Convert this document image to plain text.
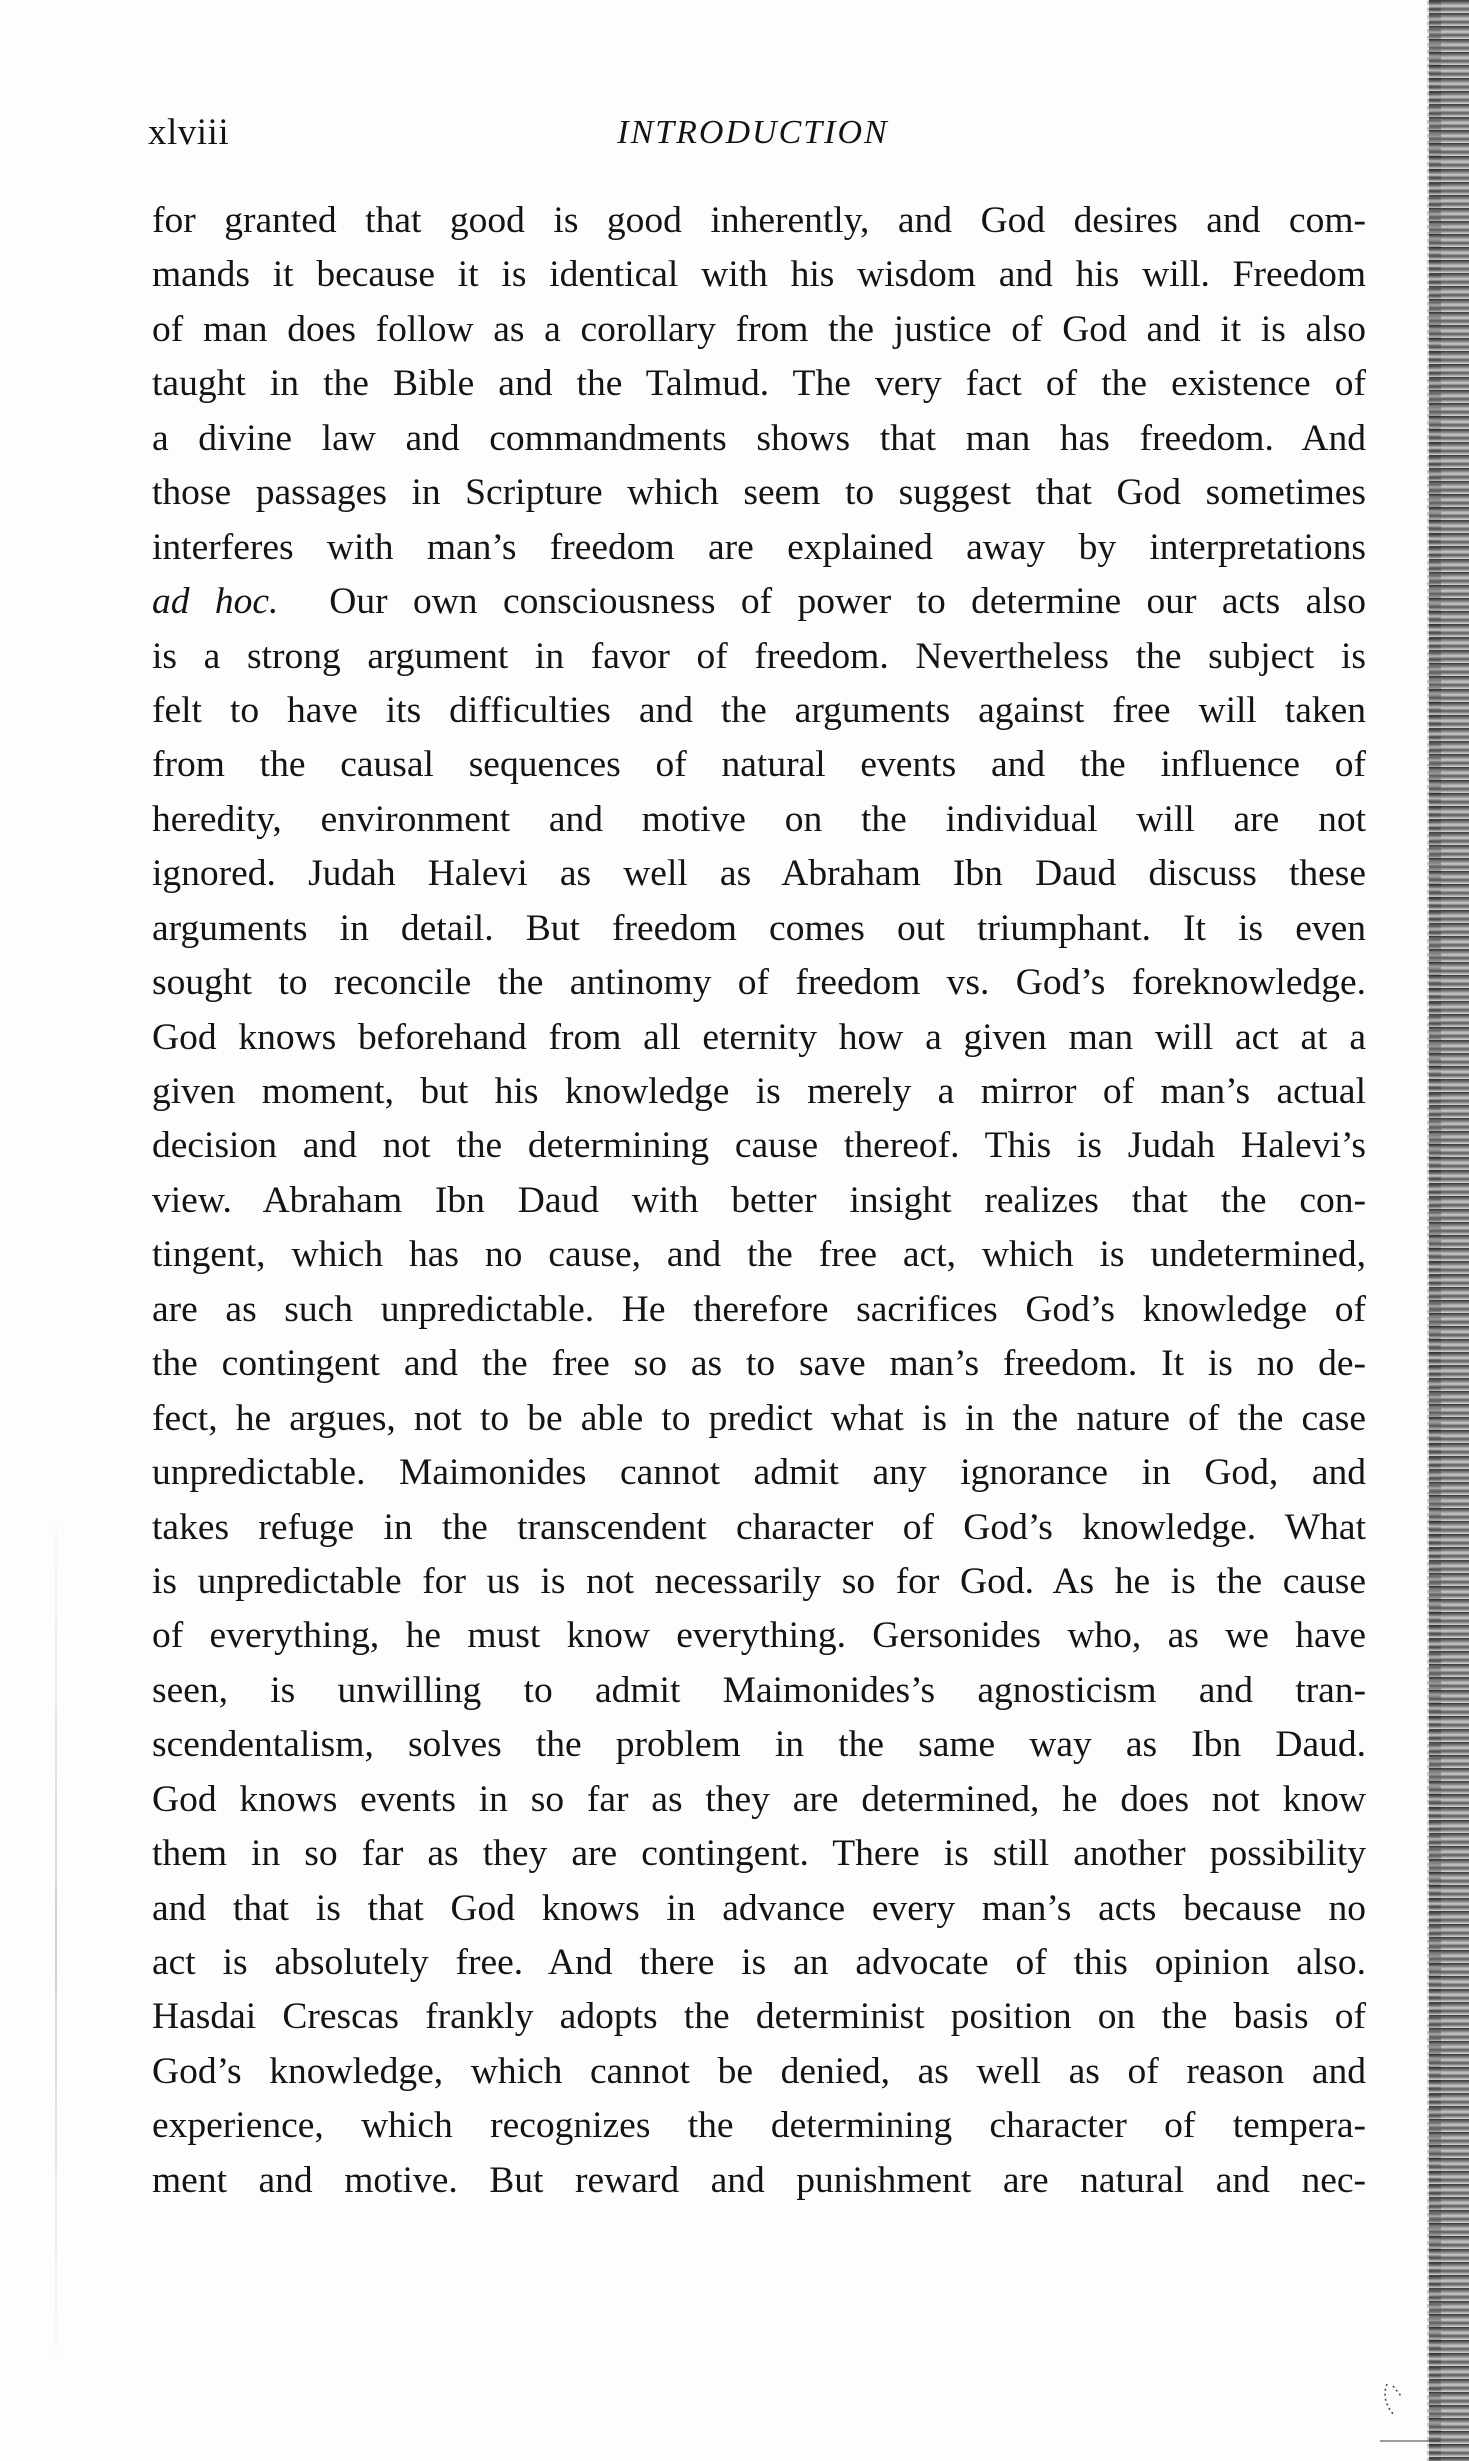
xlviii	INTRODUCTION
for granted that good is good inherently, and God desires and com-
mands it because it is identical with his wisdom and his will. Freedom
of man does follow as a corollary from the justice of God and it is also
taught in the Bible and the Talmud. The very fact of the existence of
a divine law and commandments shows that man has freedom. And
those passages in Scripture which seem to suggest that God sometimes
interferes with man’s freedom are explained away by interpretations
ad hoc. Our own consciousness of power to determine our acts also
is a strong argument in favor of freedom. Nevertheless the subject is
felt to have its difficulties and the arguments against free will taken
from the causal sequences of natural events and the influence of
heredity, environment and motive on the individual will are not
ignored. Judah Halevi as well as Abraham Ibn Daud discuss these
arguments in detail. But freedom comes out triumphant. It is even
sought to reconcile the antinomy of freedom vs. God’s foreknowledge.
God knows beforehand from all eternity how a given man will act at a
given moment, but his knowledge is merely a mirror of man’s actual
decision and not the determining cause thereof. This is Judah Halevi’s
view. Abraham Ibn Daud with better insight realizes that the con-
tingent, which has no cause, and the free act, which is undetermined,
are as such unpredictable. He therefore sacrifices God’s knowledge of
the contingent and the free so as to save man’s freedom. It is no de-
fect, he argues, not to be able to predict what is in the nature of the case
unpredictable. Maimonides cannot admit any ignorance in God, and
takes refuge in the transcendent character of God’s knowledge. What
is unpredictable for us is not necessarily so for God. As he is the cause
of everything, he must know everything. Gersonides who, as we have
seen, is unwilling to admit Maimonides’s agnosticism and tran-
scendentalism, solves the problem in the same way as Ibn Daud.
God knows events in so far as they are determined, he does not know
them in so far as they are contingent. There is still another possibility
and that is that God knows in advance every man’s acts because no
act is absolutely free. And there is an advocate of this opinion also.
Hasdai Crescas frankly adopts the determinist position on the basis of
God’s knowledge, which cannot be denied, as well as of reason and
experience, which recognizes the determining character of tempera-
ment and motive. But reward and punishment are natural and nec-
